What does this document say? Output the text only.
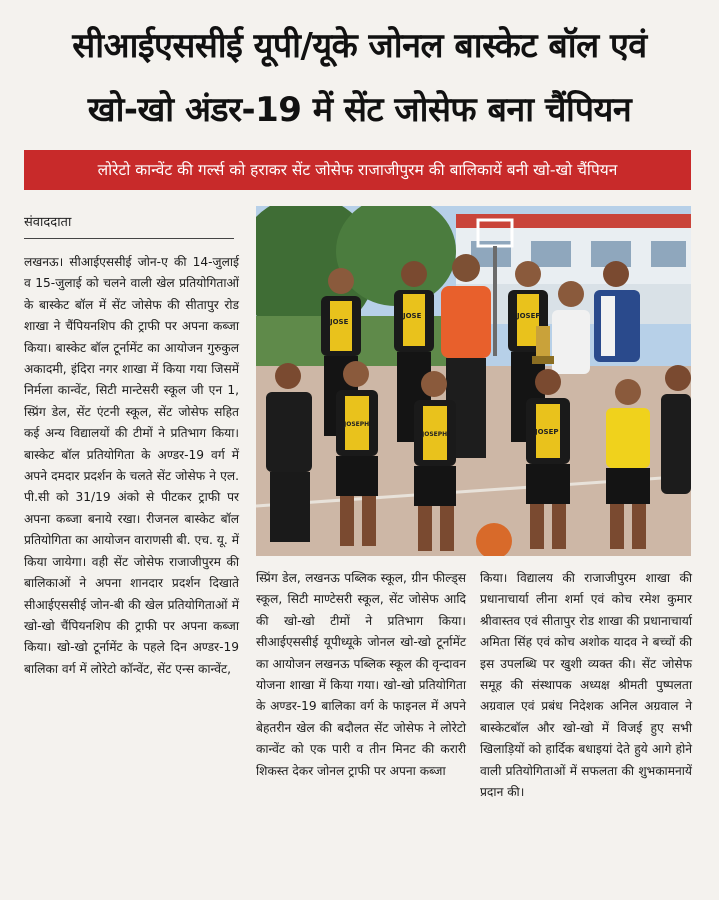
सीआईएससीई यूपी/यूके जोनल बास्केट बॉल एवं
खो-खो अंडर-19 में सेंट जोसेफ बना चैंपियन
लोरेटो कान्वेंट की गर्ल्स को हराकर सेंट जोसेफ राजाजीपुरम की बालिकायें बनी खो-खो चैंपियन
संवाददाता

लखनऊ। सीआईएससीई जोन-ए की 14-जुलाई व 15-जुलाई को चलने वाली खेल प्रतियोगिताओं के बास्केट बॉल में सेंट जोसेफ की सीतापुर रोड शाखा ने चैंपियनशिप की ट्राफी पर अपना कब्जा किया। बास्केट बॉल टूर्नामेंट का आयोजन गुरुकुल अकादमी, इंदिरा नगर शाखा में किया गया जिसमें निर्मला कान्वेंट, सिटी मान्टेसरी स्कूल जी एन 1, स्प्रिंग डेल, सेंट एंटनी स्कूल, सेंट जोसेफ सहित कई अन्य विद्यालयों की टीमों ने प्रतिभाग किया। बास्केट बॉल प्रतियोगिता के अण्डर-19 वर्ग में अपने दमदार प्रदर्शन के चलते सेंट जोसेफ ने एल. पी.सी को 31/19 अंको से पीटकर ट्राफी पर अपना कब्जा बनाये रखा। रीजनल बास्केट बॉल प्रतियोगिता का आयोजन वाराणसी बी. एच. यू. में किया जायेगा। वही सेंट जोसेफ राजाजीपुरम की बालिकाओं ने अपना शानदार प्रदर्शन दिखाते सीआईएससीई जोन-बी की खेल प्रतियोगिताओं में खो-खो चैंपियनशिप की ट्राफी पर अपना कब्जा किया। खो-खो टूर्नामेंट के पहले दिन अण्डर-19 बालिका वर्ग में लोरेटो कॉन्वेंट, सेंट एन्स कान्वेंट,

JOSE
JOSE
JOSEPH
JOSEPH
JOSEP
JOSEP

स्प्रिंग डेल, लखनऊ पब्लिक स्कूल, ग्रीन फील्ड्स स्कूल, सिटी माण्टेसरी स्कूल, सेंट जोसेफ आदि की खो-खो टीमों ने प्रतिभाग किया। सीआईएससीई यूपीध्यूके जोनल खो-खो टूर्नामेंट का आयोजन लखनऊ पब्लिक स्कूल की वृन्दावन योजना शाखा में किया गया। खो-खो प्रतियोगिता के अण्डर-19 बालिका वर्ग के फाइनल में अपने बेहतरीन खेल की बदौलत सेंट जोसेफ ने लोरेटो कान्वेंट को एक पारी व तीन मिनट की करारी शिकस्त देकर जोनल ट्राफी पर अपना कब्जा

किया। विद्यालय की राजाजीपुरम शाखा की प्रधानाचार्या लीना शर्मा एवं कोच रमेश कुमार श्रीवास्तव एवं सीतापुर रोड शाखा की प्रधानाचार्या अमिता सिंह एवं कोच अशोक यादव ने बच्चों की इस उपलब्धि पर खुशी व्यक्त की। सेंट जोसेफ समूह की संस्थापक अध्यक्ष श्रीमती पुष्पलता अग्रवाल एवं प्रबंध निदेशक अनिल अग्रवाल ने बास्केटबॉल और खो-खो में विजई हुए सभी खिलाड़ियों को हार्दिक बधाइयां देते हुये आगे होने वाली प्रतियोगिताओं में सफलता की शुभकामनायें प्रदान की।
